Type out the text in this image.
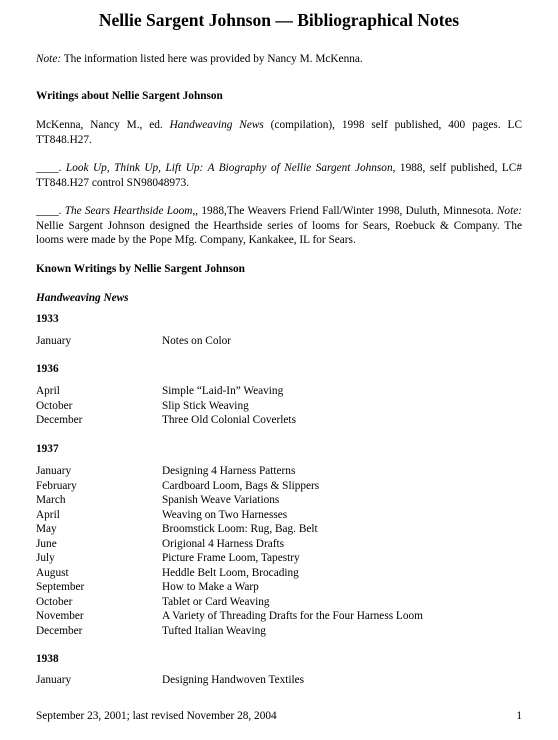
Nellie Sargent Johnson — Bibliographical Notes

Note: The information listed here was provided by Nancy M. McKenna.

Writings about Nellie Sargent Johnson

McKenna, Nancy M., ed. Handweaving News (compilation), 1998 self published, 400 pages. LC TT848.H27.

____. Look Up, Think Up, Lift Up: A Biography of Nellie Sargent Johnson, 1988, self published, LC# TT848.H27 control SN98048973.

____. The Sears Hearthside Loom,, 1988,The Weavers Friend Fall/Winter 1998, Duluth, Minnesota. Note: Nellie Sargent Johnson designed the Hearthside series of looms for Sears, Roebuck & Company. The looms were made by the Pope Mfg. Company, Kankakee, IL for Sears.

Known Writings by Nellie Sargent Johnson

Handweaving News

1933
January	Notes on Color
1936
April	Simple “Laid-In” Weaving
October	Slip Stick Weaving
December	Three Old Colonial Coverlets
1937
January	Designing 4 Harness Patterns
February	Cardboard Loom, Bags & Slippers
March	Spanish Weave Variations
April	Weaving on Two Harnesses
May	Broomstick Loom: Rug, Bag. Belt
June	Origional 4 Harness Drafts
July	Picture Frame Loom, Tapestry
August	Heddle Belt Loom, Brocading
September	How to Make a Warp
October	Tablet or Card Weaving
November	A Variety of Threading Drafts for the Four Harness Loom
December	Tufted Italian Weaving
1938
January	Designing Handwoven Textiles
September 23, 2001; last revised November 28, 2004	1
